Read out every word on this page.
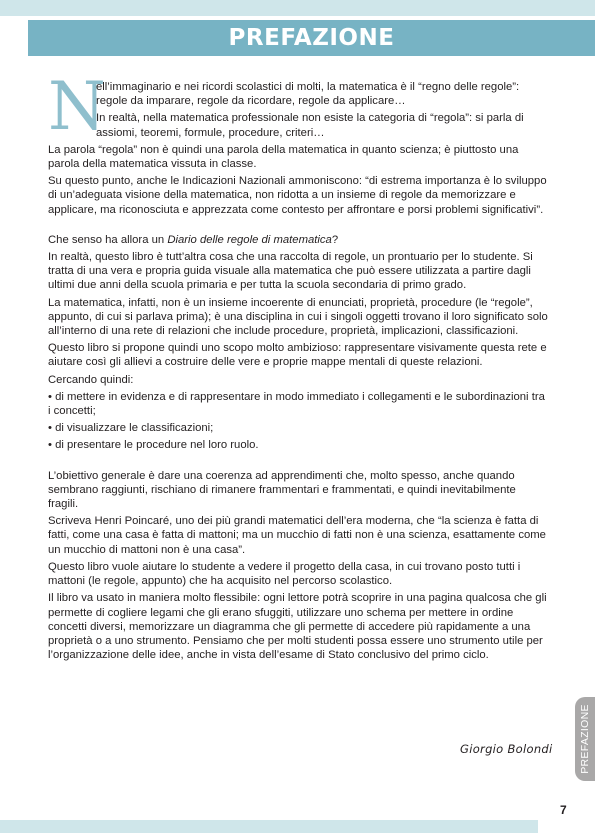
PREFAZIONE
N

ell’immaginario e nei ricordi scolastici di molti, la matematica è il “regno delle regole”: regole da imparare, regole da ricordare, regole da applicare…

In realtà, nella matematica professionale non esiste la categoria di “regola”: si parla di assiomi, teoremi, formule, procedure, criteri…

La parola “regola” non è quindi una parola della matematica in quanto scienza; è piuttosto una parola della matematica vissuta in classe.

Su questo punto, anche le Indicazioni Nazionali ammoniscono: “di estrema importanza è lo sviluppo di un’adeguata visione della matematica, non ridotta a un insieme di regole da memorizzare e applicare, ma riconosciuta e apprezzata come contesto per affrontare e porsi problemi significativi”.

Che senso ha allora un Diario delle regole di matematica?

In realtà, questo libro è tutt’altra cosa che una raccolta di regole, un prontuario per lo studente. Si tratta di una vera e propria guida visuale alla matematica che può essere utilizzata a partire dagli ultimi due anni della scuola primaria e per tutta la scuola secondaria di primo grado.

La matematica, infatti, non è un insieme incoerente di enunciati, proprietà, procedure (le “regole”, appunto, di cui si parlava prima); è una disciplina in cui i singoli oggetti trovano il loro significato solo all’interno di una rete di relazioni che include procedure, proprietà, implicazioni, classificazioni.

Questo libro si propone quindi uno scopo molto ambizioso: rappresentare visivamente questa rete e aiutare così gli allievi a costruire delle vere e proprie mappe mentali di queste relazioni.

Cercando quindi:

• di mettere in evidenza e di rappresentare in modo immediato i collegamenti e le subordinazioni tra i concetti;

• di visualizzare le classificazioni;

• di presentare le procedure nel loro ruolo.

L’obiettivo generale è dare una coerenza ad apprendimenti che, molto spesso, anche quando sembrano raggiunti, rischiano di rimanere frammentari e frammentati, e quindi inevitabilmente fragili.

Scriveva Henri Poincaré, uno dei più grandi matematici dell’era moderna, che “la scienza è fatta di fatti, come una casa è fatta di mattoni; ma un mucchio di fatti non è una scienza, esattamente come un mucchio di mattoni non è una casa”.

Questo libro vuole aiutare lo studente a vedere il progetto della casa, in cui trovano posto tutti i mattoni (le regole, appunto) che ha acquisito nel percorso scolastico.

Il libro va usato in maniera molto flessibile: ogni lettore potrà scoprire in una pagina qualcosa che gli permette di cogliere legami che gli erano sfuggiti, utilizzare uno schema per mettere in ordine concetti diversi, memorizzare un diagramma che gli permette di accedere più rapidamente a una proprietà o a uno strumento. Pensiamo che per molti studenti possa essere uno strumento utile per l’organizzazione delle idee, anche in vista dell’esame di Stato conclusivo del primo ciclo.

Giorgio Bolondi	PREFAZIONE
7
